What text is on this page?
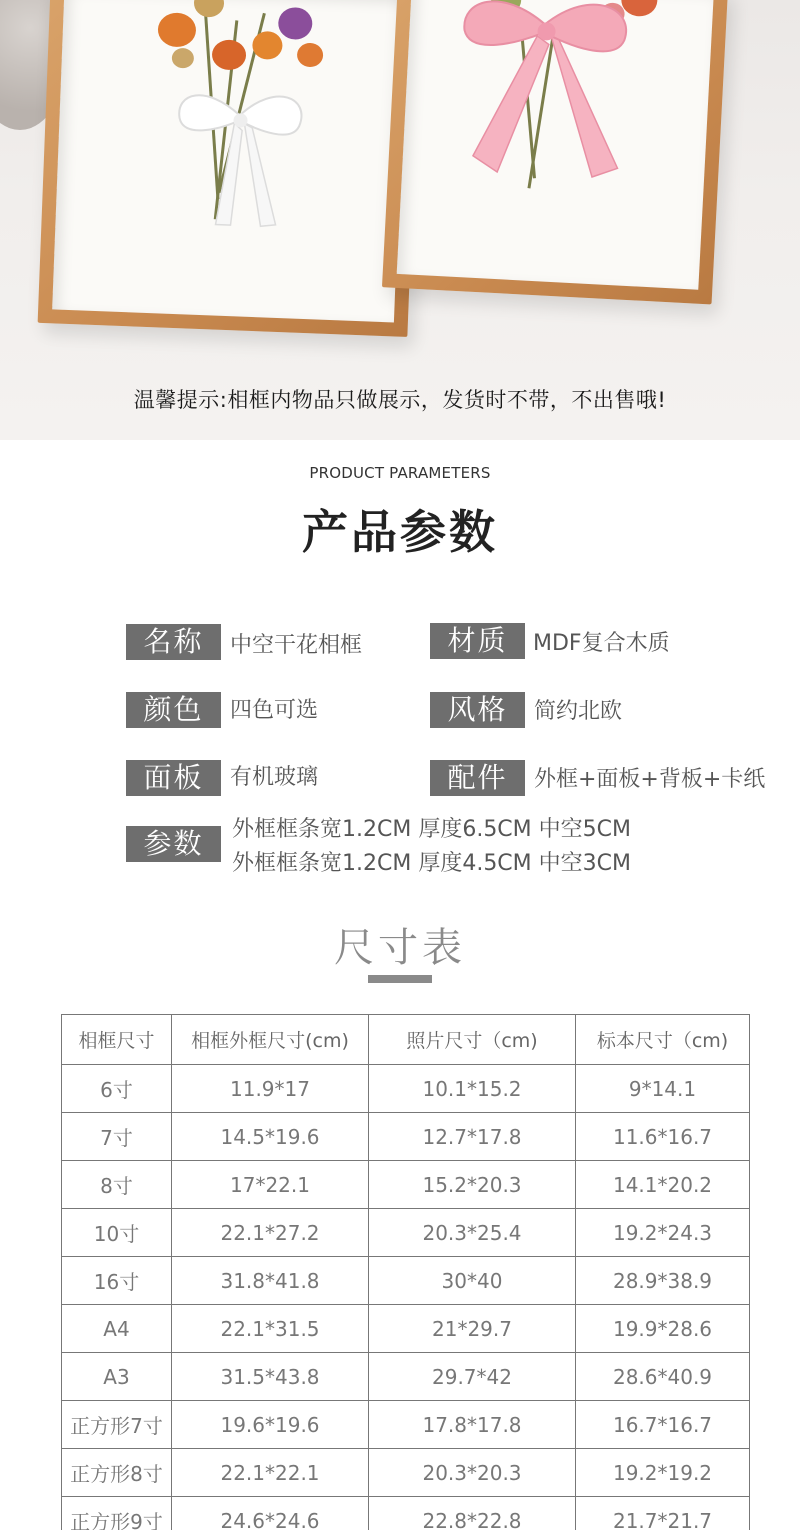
温馨提示:相框内物品只做展示，发货时不带，不出售哦!
PRODUCT PARAMETERS
产品参数
名称	中空干花相框	材质	MDF复合木质
颜色	四色可选	风格	简约北欧
面板	有机玻璃	配件	外框+面板+背板+卡纸
参数	外框框条宽1.2CM 厚度6.5CM 中空5CM
外框框条宽1.2CM 厚度4.5CM 中空3CM
尺寸表
相框尺寸	相框外框尺寸(cm)	照片尺寸（cm)	标本尺寸（cm)
6寸	11.9*17	10.1*15.2	9*14.1
7寸	14.5*19.6	12.7*17.8	11.6*16.7
8寸	17*22.1	15.2*20.3	14.1*20.2
10寸	22.1*27.2	20.3*25.4	19.2*24.3
16寸	31.8*41.8	30*40	28.9*38.9
A4	22.1*31.5	21*29.7	19.9*28.6
A3	31.5*43.8	29.7*42	28.6*40.9
正方形7寸	19.6*19.6	17.8*17.8	16.7*16.7
正方形8寸	22.1*22.1	20.3*20.3	19.2*19.2
正方形9寸	24.6*24.6	22.8*22.8	21.7*21.7
